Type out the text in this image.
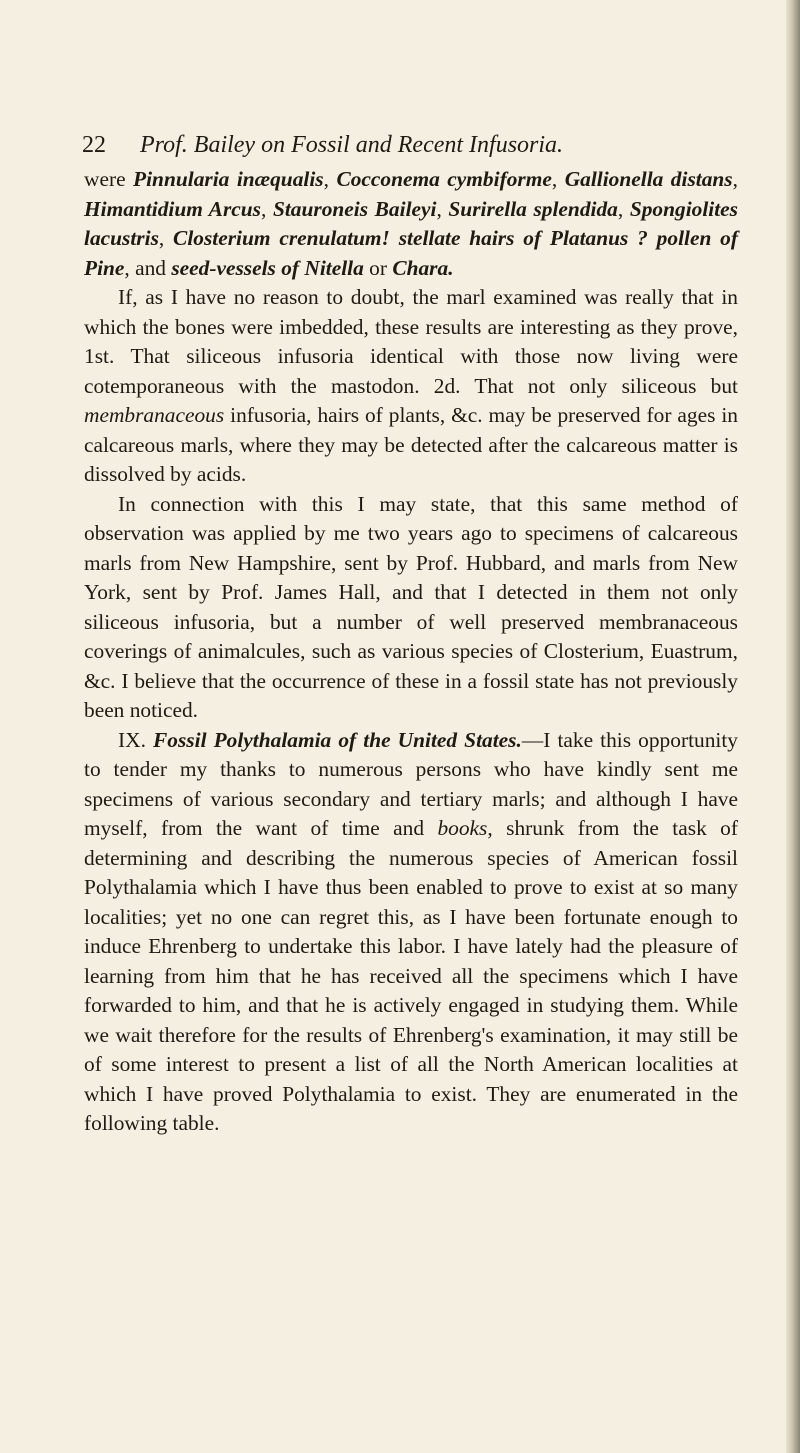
22 Prof. Bailey on Fossil and Recent Infusoria.

were Pinnularia inæqualis, Cocconema cymbiforme, Gallionella distans, Himantidium Arcus, Stauroneis Baileyi, Surirella splendida, Spongiolites lacustris, Closterium crenulatum! stellate hairs of Platanus ? pollen of Pine, and seed-vessels of Nitella or Chara.

If, as I have no reason to doubt, the marl examined was really that in which the bones were imbedded, these results are interesting as they prove, 1st. That siliceous infusoria identical with those now living were cotemporaneous with the mastodon. 2d. That not only siliceous but membranaceous infusoria, hairs of plants, &c. may be preserved for ages in calcareous marls, where they may be detected after the calcareous matter is dissolved by acids.

In connection with this I may state, that this same method of observation was applied by me two years ago to specimens of calcareous marls from New Hampshire, sent by Prof. Hubbard, and marls from New York, sent by Prof. James Hall, and that I detected in them not only siliceous infusoria, but a number of well preserved membranaceous coverings of animalcules, such as various species of Closterium, Euastrum, &c. I believe that the occurrence of these in a fossil state has not previously been noticed.

IX. Fossil Polythalamia of the United States.—I take this opportunity to tender my thanks to numerous persons who have kindly sent me specimens of various secondary and tertiary marls; and although I have myself, from the want of time and books, shrunk from the task of determining and describing the numerous species of American fossil Polythalamia which I have thus been enabled to prove to exist at so many localities; yet no one can regret this, as I have been fortunate enough to induce Ehrenberg to undertake this labor. I have lately had the pleasure of learning from him that he has received all the specimens which I have forwarded to him, and that he is actively engaged in studying them. While we wait therefore for the results of Ehrenberg's examination, it may still be of some interest to present a list of all the North American localities at which I have proved Polythalamia to exist. They are enumerated in the following table.
